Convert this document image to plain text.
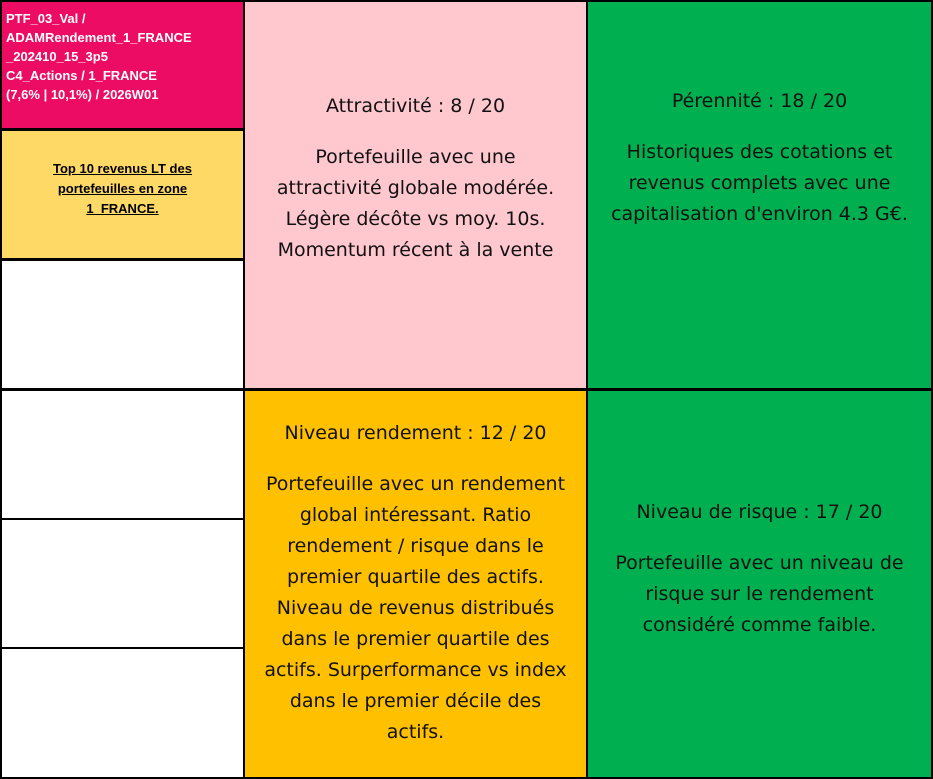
PTF_03_Val /
ADAMRendement_1_FRANCE
_202410_15_3p5
C4_Actions / 1_FRANCE
(7,6% | 10,1%) / 2026W01
Top 10 revenus LT des
portefeuilles en zone
1_FRANCE.
Attractivité : 8 / 20
Portefeuille avec une
attractivité globale modérée.
Légère décôte vs moy. 10s.
Momentum récent à la vente
Pérennité : 18 / 20
Historiques des cotations et
revenus complets avec une
capitalisation d'environ 4.3 G€.
Niveau rendement : 12 / 20
Portefeuille avec un rendement
global intéressant. Ratio
rendement / risque dans le
premier quartile des actifs.
Niveau de revenus distribués
dans le premier quartile des
actifs. Surperformance vs index
dans le premier décile des
actifs.
Niveau de risque : 17 / 20
Portefeuille avec un niveau de
risque sur le rendement
considéré comme faible.
